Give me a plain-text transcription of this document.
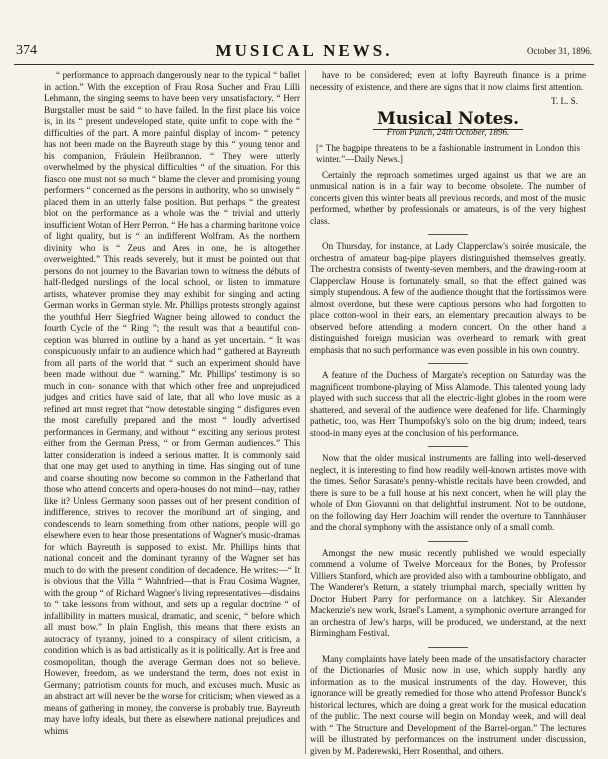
374	MUSICAL NEWS.	October 31, 1896.

“ performance to approach dangerously near to the typical “ ballet in action.” With the exception of Frau Rosa Sucher and Frau Lilli Lehmann, the singing seems to have been very unsatisfactory. “ Herr Burgstaller must be said “ to have failed. In the first place his voice is, in its “ present undeveloped state, quite unfit to cope with the “ difficulties of the part. A more painful display of incom- “ petency has not been made on the Bayreuth stage by this “ young tenor and his companion, Fräulein Heilbrannon. “ They were utterly overwhelmed by the physical difficulties “ of the situation. For this fiasco one must not so much “ blame the clever and promising young performers “ concerned as the persons in authority, who so unwisely “ placed them in an utterly false position. But perhaps “ the greatest blot on the performance as a whole was the “ trivial and utterly insufficient Wotan of Herr Perron. “ He has a charming baritone voice of light quality, but is “ an indifferent Wolfram. As the northern divinity who is “ Zeus and Ares in one, he is altogether overweighted.” This reads severely, but it must be pointed out that persons do not journey to the Bavarian town to witness the débuts of half-fledged nurslings of the local school, or listen to immature artists, whatever promise they may exhibit for singing and acting German works in German style. Mr. Phillips protests strongly against the youthful Herr Siegfried Wagner being allowed to conduct the fourth Cycle of the “ Ring ”; the result was that a beautiful con- ception was blurred in outline by a hand as yet uncertain. “ It was conspicuously unfair to an audience which had “ gathered at Bayreuth from all parts of the world that “ such an experiment should have been made without due “ warning.” Mr. Phillips' testimony is so much in con- sonance with that which other free and unprejudiced judges and critics have said of late, that all who love music as a refined art must regret that “now detestable singing “ disfigures even the most carefully prepared and the most “ loudly advertised performances in Germany, and without “ exciting any serious protest either from the German Press, “ or from German audiences.” This latter consideration is indeed a serious matter. It is commonly said that one may get used to anything in time. Has singing out of tune and coarse shouting now become so common in the Fatherland that those who attend concerts and opera-houses do not mind—nay, rather like it? Unless Germany soon passes out of her present condition of indifference, strives to recover the moribund art of singing, and condescends to learn something from other nations, people will go elsewhere even to hear those presentations of Wagner's music-dramas for which Bayreuth is supposed to exist. Mr. Phillips hints that national conceit and the dominant tyranny of the Wagner set has much to do with the present condition of decadence. He writes:—“ It is obvious that the Villa “ Wahnfried—that is Frau Cosima Wagner, with the group “ of Richard Wagner's living representatives—disdains to “ take lessons from without, and sets up a regular doctrine “ of infallibility in matters musical, dramatic, and scenic, “ before which all must bow.” In plain English, this means that there exists an autocracy of tyranny, joined to a conspiracy of silent criticism, a condition which is as bad artistically as it is politically. Art is free and cosmopolitan, though the average German does not so believe. However, freedom, as we understand the term, does not exist in Germany; patriotism counts for much, and excuses much. Music as an abstract art will never be the worse for criticism; when viewed as a means of gathering in money, the converse is probably true. Bayreuth may have lofty ideals, but there as elsewhere national prejudices and whims

have to be considered; even at lofty Bayreuth finance is a prime necessity of existence, and there are signs that it now claims first attention.

T. L. S.

Musical Notes.
From Punch, 24th October, 1896.

[“ The bagpipe threatens to be a fashionable instrument in London this winter.”—Daily News.]

Certainly the reproach sometimes urged against us that we are an unmusical nation is in a fair way to become obsolete. The number of concerts given this winter beats all previous records, and most of the music performed, whether by professionals or amateurs, is of the very highest class.

On Thursday, for instance, at Lady Clapperclaw's soirée musicale, the orchestra of amateur bag-pipe players distinguished themselves greatly. The orchestra consists of twenty-seven members, and the drawing-room at Clapperclaw House is fortunately small, so that the effect gained was simply stupendous. A few of the audience thought that the fortissimos were almost overdone, but these were captious persons who had forgotten to place cotton-wool in their ears, an elementary precaution always to be observed before attending a modern concert. On the other hand a distinguished foreign musician was overheard to remark with great emphasis that no such performance was even possible in his own country.

A feature of the Duchess of Margate's reception on Saturday was the magnificent trombone-playing of Miss Alamode. This talented young lady played with such success that all the electric-light globes in the room were shattered, and several of the audience were deafened for life. Charmingly pathetic, too, was Herr Thumpofsky's solo on the big drum; indeed, tears stood-in many eyes at the conclusion of his performance.

Now that the older musical instruments are falling into well-deserved neglect, it is interesting to find how readily well-known artistes move with the times. Señor Sarasate's penny-whistle recitals have been crowded, and there is sure to be a full house at his next concert, when he will play the whole of Don Giovanni on that delightful instrument. Not to be outdone, on the following day Herr Joachim will render the overture to Tannhäuser and the choral symphony with the assistance only of a small comb.

Amongst the new music recently published we would especially commend a volume of Twelve Morceaux for the Bones, by Professor Villiers Stanford, which are provided also with a tambourine obbligato, and The Wanderer's Return, a stately triumphal march, specially written by Doctor Hubert Parry for performance on a latchkey. Sir Alexander Mackenzie's new work, Israel's Lament, a symphonic overture arranged for an orchestra of Jew's harps, will be produced, we understand, at the next Birmingham Festival.

Many complaints have lately been made of the unsatisfactory character of the Dictionaries of Music now in use, which supply hardly any information as to the musical instruments of the day. However, this ignorance will be greatly remedied for those who attend Professor Bunck's historical lectures, which are doing a great work for the musical education of the public. The next course will begin on Monday week, and will deal with “ The Structure and Development of the Barrel-organ.” The lectures will be illustrated by performances on the instrument under discussion, given by M. Paderewski, Herr Rosenthal, and others.
